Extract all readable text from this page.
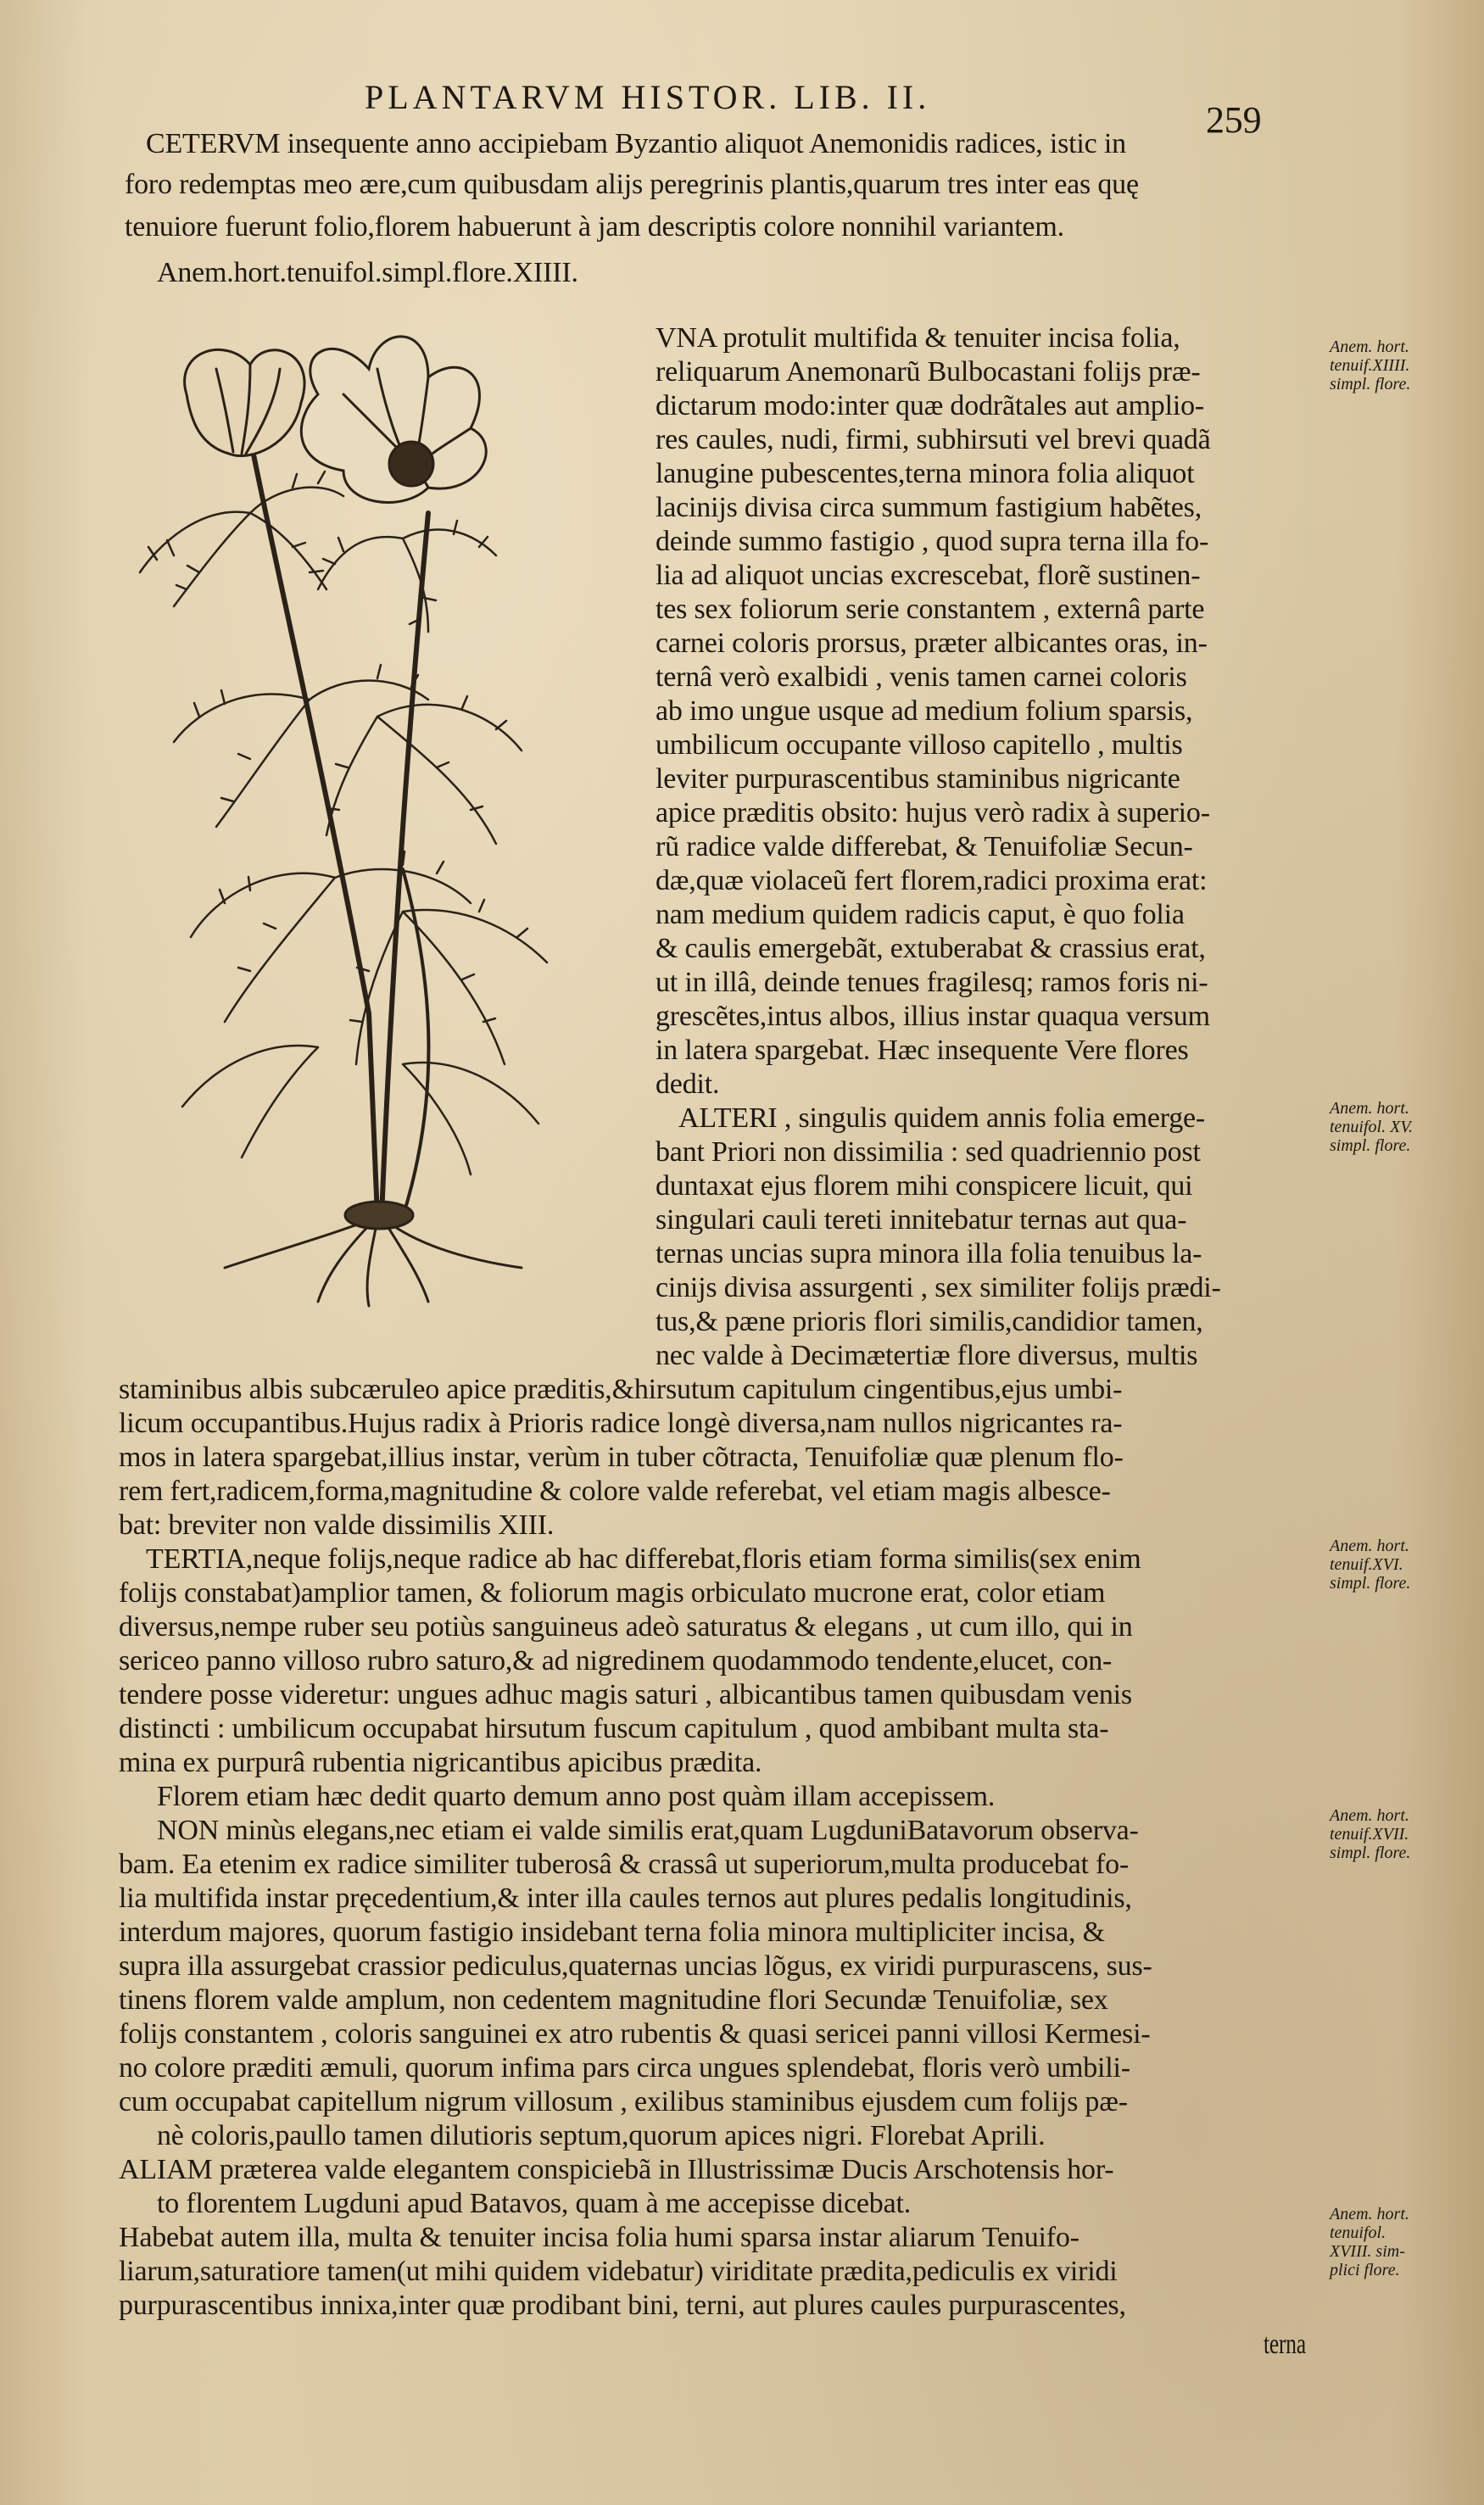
PLANTARVM HISTOR. LIB. II.
259
CETERVM insequente anno accipiebam Byzantio aliquot Anemonidis radices, istic in
foro redemptas meo ære,cum quibusdam alijs peregrinis plantis,quarum tres inter eas quę
tenuiore fuerunt folio,florem habuerunt à jam descriptis colore nonnihil variantem.
Anem.hort.tenuifol.simpl.flore.XIIII.
VNA protulit multifida & tenuiter incisa folia,
reliquarum Anemonarũ Bulbocastani folijs præ-
dictarum modo:inter quæ dodrãtales aut amplio-
res caules, nudi, firmi, subhirsuti vel brevi quadã
lanugine pubescentes,terna minora folia aliquot
lacinijs divisa circa summum fastigium habẽtes,
deinde summo fastigio , quod supra terna illa fo-
lia ad aliquot uncias excrescebat, florẽ sustinen-
tes sex foliorum serie constantem , externâ parte
carnei coloris prorsus, præter albicantes oras, in-
ternâ verò exalbidi , venis tamen carnei coloris
ab imo ungue usque ad medium folium sparsis,
umbilicum occupante villoso capitello , multis
leviter purpurascentibus staminibus nigricante
apice præditis obsito: hujus verò radix à superio-
rũ radice valde differebat, & Tenuifoliæ Secun-
dæ,quæ violaceũ fert florem,radici proxima erat:
nam medium quidem radicis caput, è quo folia
& caulis emergebãt, extuberabat & crassius erat,
ut in illâ, deinde tenues fragilesq; ramos foris ni-
grescẽtes,intus albos, illius instar quaqua versum
in latera spargebat. Hæc insequente Vere flores
dedit.
ALTERI , singulis quidem annis folia emerge-
bant Priori non dissimilia : sed quadriennio post
duntaxat ejus florem mihi conspicere licuit, qui
singulari cauli tereti innitebatur ternas aut qua-
ternas uncias supra minora illa folia tenuibus la-
cinijs divisa assurgenti , sex similiter folijs prædi-
tus,& pæne prioris flori similis,candidior tamen,
nec valde à Decimætertiæ flore diversus, multis
staminibus albis subcæruleo apice præditis,&hirsutum capitulum cingentibus,ejus umbi-
licum occupantibus.Hujus radix à Prioris radice longè diversa,nam nullos nigricantes ra-
mos in latera spargebat,illius instar, verùm in tuber cõtracta, Tenuifoliæ quæ plenum flo-
rem fert,radicem,forma,magnitudine & colore valde referebat, vel etiam magis albesce-
bat: breviter non valde dissimilis XIII.
TERTIA,neque folijs,neque radice ab hac differebat,floris etiam forma similis(sex enim
folijs constabat)amplior tamen, & foliorum magis orbiculato mucrone erat, color etiam
diversus,nempe ruber seu potiùs sanguineus adeò saturatus & elegans , ut cum illo, qui in
sericeo panno villoso rubro saturo,& ad nigredinem quodammodo tendente,elucet, con-
tendere posse videretur: ungues adhuc magis saturi , albicantibus tamen quibusdam venis
distincti : umbilicum occupabat hirsutum fuscum capitulum , quod ambibant multa sta-
mina ex purpurâ rubentia nigricantibus apicibus prædita.
Florem etiam hæc dedit quarto demum anno post quàm illam accepissem.
NON minùs elegans,nec etiam ei valde similis erat,quam LugduniBatavorum observa-
bam. Ea etenim ex radice similiter tuberosâ & crassâ ut superiorum,multa producebat fo-
lia multifida instar pręcedentium,& inter illa caules ternos aut plures pedalis longitudinis,
interdum majores, quorum fastigio insidebant terna folia minora multipliciter incisa, &
supra illa assurgebat crassior pediculus,quaternas uncias lõgus, ex viridi purpurascens, sus-
tinens florem valde amplum, non cedentem magnitudine flori Secundæ Tenuifoliæ, sex
folijs constantem , coloris sanguinei ex atro rubentis & quasi sericei panni villosi Kermesi-
no colore præditi æmuli, quorum infima pars circa ungues splendebat, floris verò umbili-
cum occupabat capitellum nigrum villosum , exilibus staminibus ejusdem cum folijs pæ-
nè coloris,paullo tamen dilutioris septum,quorum apices nigri. Florebat Aprili.
ALIAM præterea valde elegantem conspiciebã in Illustrissimæ Ducis Arschotensis hor-
to florentem Lugduni apud Batavos, quam à me accepisse dicebat.
Habebat autem illa, multa & tenuiter incisa folia humi sparsa instar aliarum Tenuifo-
liarum,saturatiore tamen(ut mihi quidem videbatur) viriditate prædita,pediculis ex viridi
purpurascentibus innixa,inter quæ prodibant bini, terni, aut plures caules purpurascentes,
terna
Anem. hort.
tenuif.XIIII.
simpl. flore.
Anem. hort.
tenuifol. XV.
simpl. flore.
Anem. hort.
tenuif.XVI.
simpl. flore.
Anem. hort.
tenuif.XVII.
simpl. flore.
Anem. hort.
tenuifol.
XVIII. sim-
plici flore.
